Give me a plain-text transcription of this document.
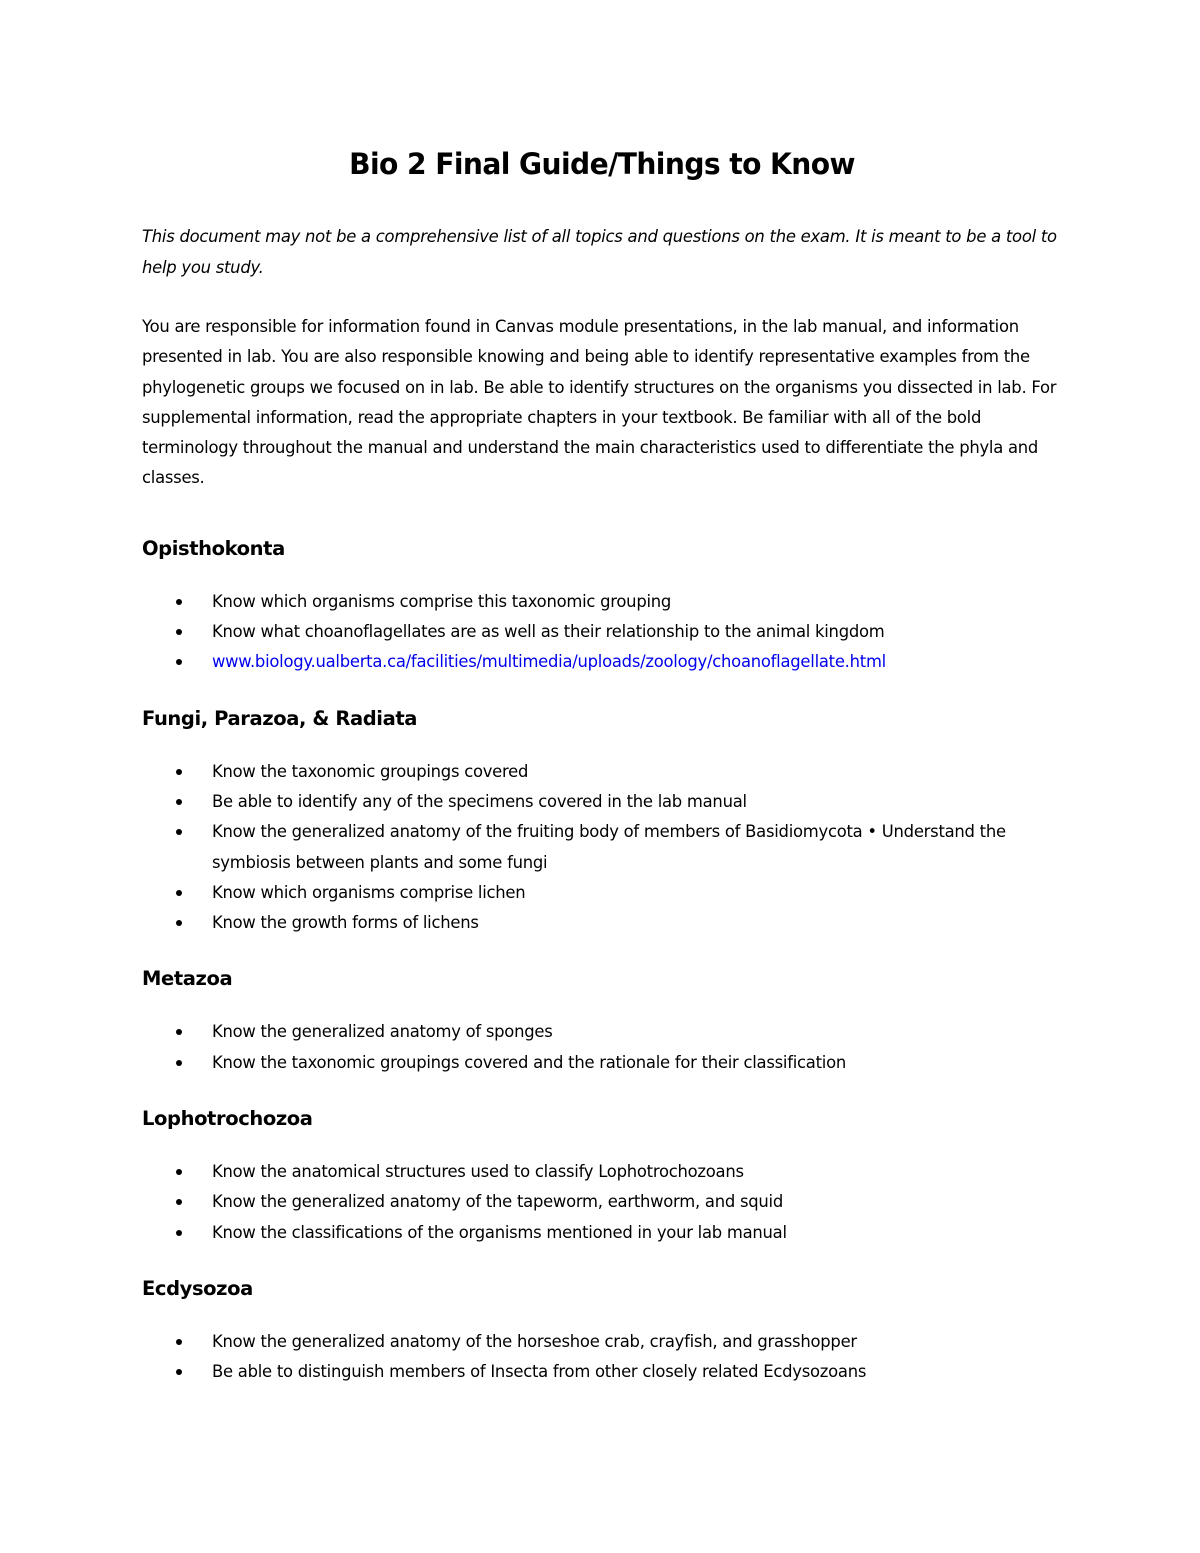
Bio 2 Final Guide/Things to Know

This document may not be a comprehensive list of all topics and questions on the exam. It is meant to be a tool to help you study.

You are responsible for information found in Canvas module presentations, in the lab manual, and information presented in lab. You are also responsible knowing and being able to identify representative examples from the phylogenetic groups we focused on in lab. Be able to identify structures on the organisms you dissected in lab. For supplemental information, read the appropriate chapters in your textbook. Be familiar with all of the bold terminology throughout the manual and understand the main characteristics used to differentiate the phyla and classes.

Opisthokonta
Know which organisms comprise this taxonomic grouping
Know what choanoflagellates are as well as their relationship to the animal kingdom
www.biology.ualberta.ca/facilities/multimedia/uploads/zoology/choanoflagellate.html
Fungi, Parazoa, & Radiata
Know the taxonomic groupings covered
Be able to identify any of the specimens covered in the lab manual
Know the generalized anatomy of the fruiting body of members of Basidiomycota • Understand the symbiosis between plants and some fungi
Know which organisms comprise lichen
Know the growth forms of lichens
Metazoa
Know the generalized anatomy of sponges
Know the taxonomic groupings covered and the rationale for their classification
Lophotrochozoa
Know the anatomical structures used to classify Lophotrochozoans
Know the generalized anatomy of the tapeworm, earthworm, and squid
Know the classifications of the organisms mentioned in your lab manual
Ecdysozoa
Know the generalized anatomy of the horseshoe crab, crayfish, and grasshopper
Be able to distinguish members of Insecta from other closely related Ecdysozoans
